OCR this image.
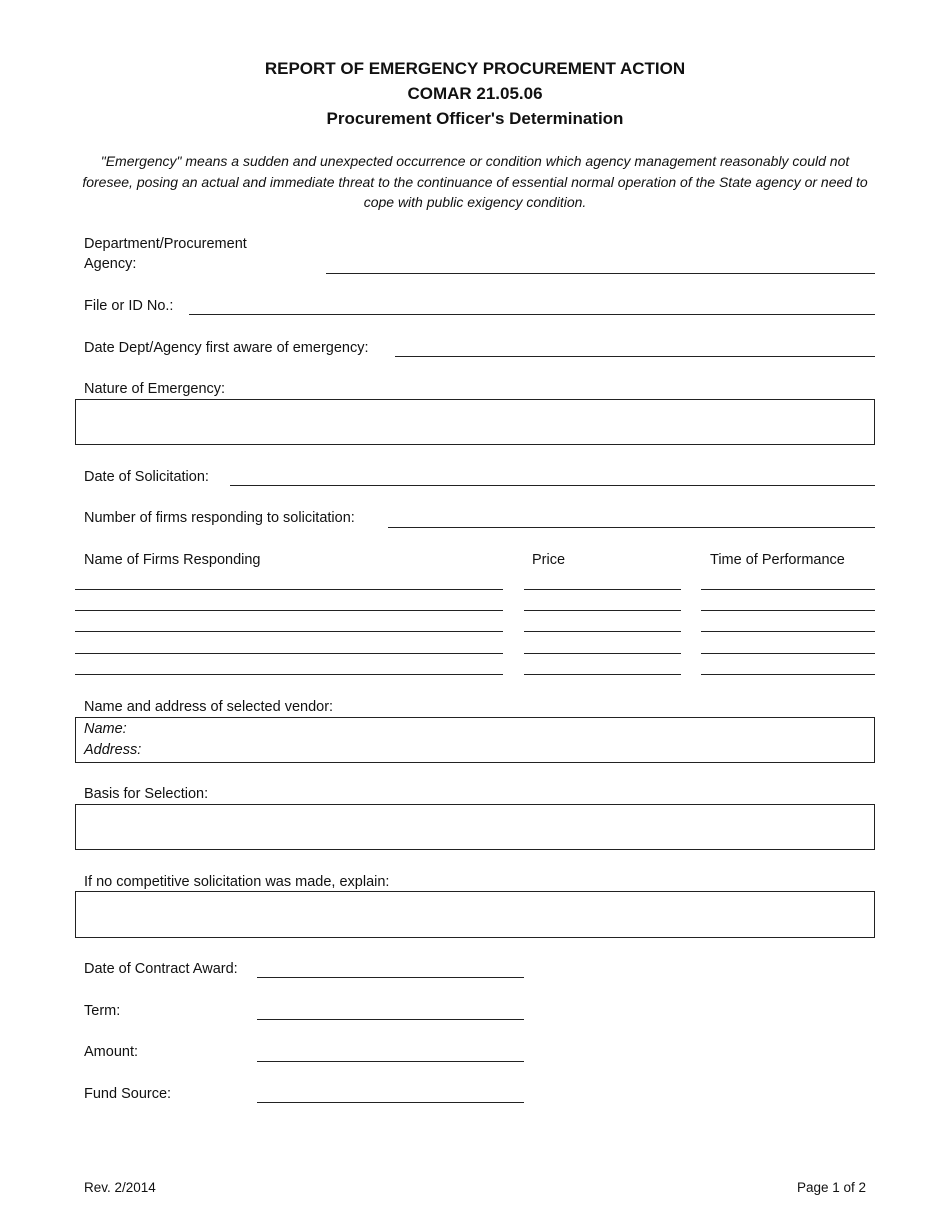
REPORT OF EMERGENCY PROCUREMENT ACTION
COMAR 21.05.06
Procurement Officer's Determination
"Emergency" means a sudden and unexpected occurrence or condition which agency management reasonably could not foresee, posing an actual and immediate threat to the continuance of essential normal operation of the State agency or need to cope with public exigency condition.
Department/Procurement
Agency:
File or ID No.:
Date Dept/Agency first aware of emergency:
Nature of Emergency:
Date of Solicitation:
Number of firms responding to solicitation:
Name of Firms Responding	Price	Time of Performance
Name and address of selected vendor:
Name:
Address:
Basis for Selection:
If no competitive solicitation was made, explain:
Date of Contract Award:
Term:
Amount:
Fund Source:
Rev. 2/2014	Page 1 of 2
